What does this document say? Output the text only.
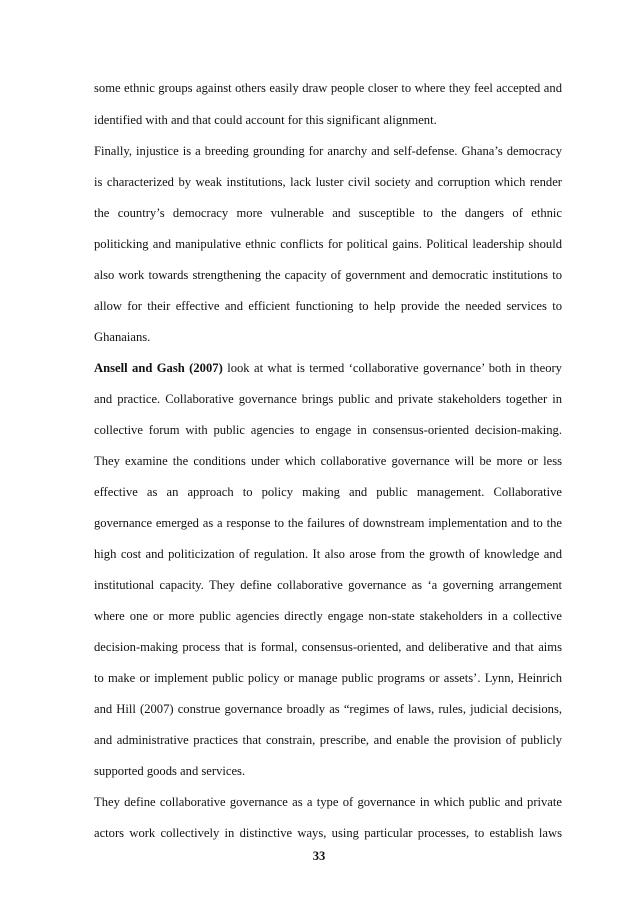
some ethnic groups against others easily draw people closer to where they feel accepted and
identified with and that could account for this significant alignment.
Finally, injustice is a breeding grounding for anarchy and self-defense. Ghana’s democracy
is characterized by weak institutions, lack luster civil society and corruption which render
the country’s democracy more vulnerable and susceptible to the dangers of ethnic
politicking and manipulative ethnic conflicts for political gains. Political leadership should
also work towards strengthening the capacity of government and democratic institutions to
allow for their effective and efficient functioning to help provide the needed services to
Ghanaians.
Ansell and Gash (2007) look at what is termed ‘collaborative governance’ both in theory
and practice. Collaborative governance brings public and private stakeholders together in
collective forum with public agencies to engage in consensus-oriented decision-making.
They examine the conditions under which collaborative governance will be more or less
effective as an approach to policy making and public management. Collaborative
governance emerged as a response to the failures of downstream implementation and to the
high cost and politicization of regulation. It also arose from the growth of knowledge and
institutional capacity. They define collaborative governance as ‘a governing arrangement
where one or more public agencies directly engage non-state stakeholders in a collective
decision-making process that is formal, consensus-oriented, and deliberative and that aims
to make or implement public policy or manage public programs or assets’. Lynn, Heinrich
and Hill (2007) construe governance broadly as “regimes of laws, rules, judicial decisions,
and administrative practices that constrain, prescribe, and enable the provision of publicly
supported goods and services.
They define collaborative governance as a type of governance in which public and private
actors work collectively in distinctive ways, using particular processes, to establish laws
33
